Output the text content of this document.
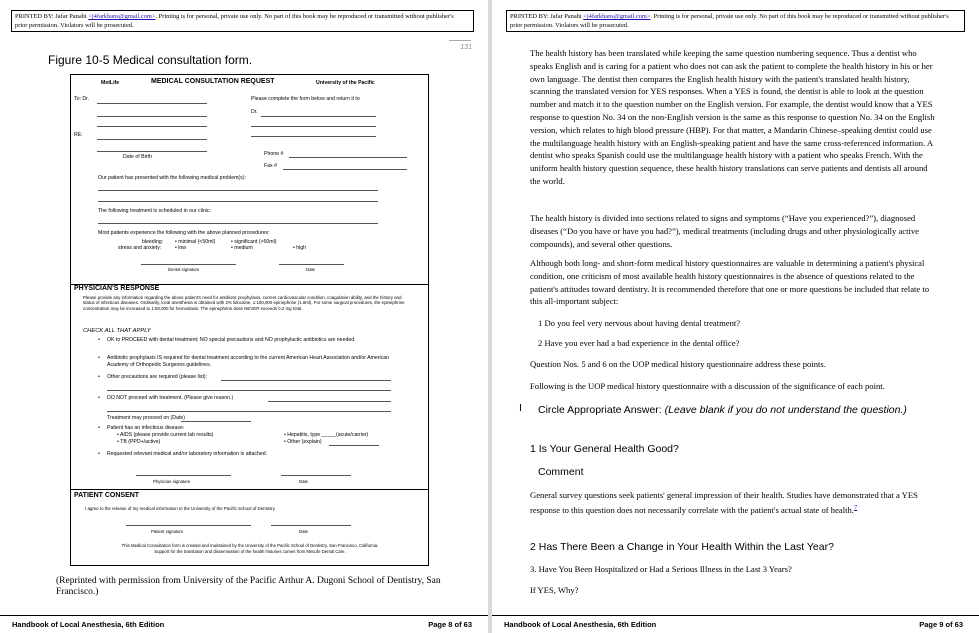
PRINTED BY: Jafar Panahi <j4farkhans@gmail.com>. Printing is for personal, private use only. No part of this book may be reproduced or transmitted without publisher's
prior permission. Violators will be prosecuted.
131
Figure 10-5 Medical consultation form.
MetLife	MEDICAL CONSULTATION REQUEST	University of the Pacific
To: Dr.	Please complete the form below and return it to
Dr.
RE:
Date of Birth	Phone #
Fax #
Our patient has presented with the following medical problem(s):
The following treatment is scheduled in our clinic:
Most patients experience the following with the above planned procedures:
bleeding: • minimal (<50ml)	• significant (>50ml)
stress and anxiety:	• low	• medium	• high
Dental signature	Date
PHYSICIAN'S RESPONSE
Please provide any information regarding the above patient's need for antibiotic prophylaxis, current cardiovascular condition, coagulation ability, and the history and status of infectious diseases. Ordinarily, local anesthesia is obtained with 2% lidocaine, 1:100,000 epinephrine (1.8ml). For some surgical procedures, the epinephrine concentration may be increased to 1:50,000 for hemostasis. The epinephrine dose NEVER exceeds 0.2 mg total.
CHECK ALL THAT APPLY
• OK to PROCEED with dental treatment; NO special precautions and NO prophylactic antibiotics are needed.
• Antibiotic prophylaxis IS required for dental treatment according to the current American Heart Association and/or American Academy of Orthopedic Surgeons guidelines.
• Other precautions are required (please list):
• DO NOT proceed with treatment. (Please give reason.)
Treatment may proceed on (Date)
• Patient has an infectious disease:
• AIDS (please provide current lab results)
• TB (PPD+/active)
• Hepatitis, type _____(acute/carrier)
• Other (explain)
• Requested relevant medical and/or laboratory information is attached.
Physician signature	Date
PATIENT CONSENT
I agree to the release of my medical information to the University of the Pacific School of Dentistry.
Patient signature	Date
This Medical Consultation form is created and maintained by the University of the Pacific School of Dentistry, San Francisco, California.
Support for the translation and dissemination of the health histories comes from MetLife Dental Care.
(Reprinted with permission from University of the Pacific Arthur A. Dugoni School of Dentistry, San Francisco.)
Handbook of Local Anesthesia, 6th Edition	Page 8 of 63
PRINTED BY: Jafar Panahi <j4farkhans@gmail.com>. Printing is for personal, private use only. No part of this book may be reproduced or transmitted without publisher's
prior permission. Violators will be prosecuted.
The health history has been translated while keeping the same question numbering sequence. Thus a dentist who speaks English and is caring for a patient who does not can ask the patient to complete the health history in his or her own language. The dentist then compares the English health history with the patient's translated health history, scanning the translated version for YES responses. When a YES is found, the dentist is able to look at the question number and match it to the question number on the English version. For example, the dentist would know that a YES response to question No. 34 on the non-English version is the same as this response to question No. 34 on the English version, which relates to high blood pressure (HBP). For that matter, a Mandarin Chinese–speaking dentist could use the multilanguage health history with an English-speaking patient and have the same cross-referenced information. A dentist who speaks Spanish could use the multilanguage health history with a patient who speaks French. With the uniform health history question sequence, these health history translations can serve patients and dentists all around the world.
The health history is divided into sections related to signs and symptoms (“Have you experienced?”), diagnosed diseases (“Do you have or have you had?”), medical treatments (including drugs and other physiologically active compounds), and several other questions.
Although both long- and short-form medical history questionnaires are valuable in determining a patient's physical condition, one criticism of most available health history questionnaires is the absence of questions related to the patient's attitudes toward dentistry. It is recommended therefore that one or more questions be included that relate to this all-important subject:
1 Do you feel very nervous about having dental treatment?
2 Have you ever had a bad experience in the dental office?
Question Nos. 5 and 6 on the UOP medical history questionnaire address these points.
Following is the UOP medical history questionnaire with a discussion of the significance of each point.
I Circle Appropriate Answer: (Leave blank if you do not understand the question.)
1 Is Your General Health Good?
Comment
General survey questions seek patients' general impression of their health. Studies have demonstrated that a YES response to this question does not necessarily correlate with the patient's actual state of health.$^7$
2 Has There Been a Change in Your Health Within the Last Year?
3. Have You Been Hospitalized or Had a Serious Illness in the Last 3 Years?
If YES, Why?
Handbook of Local Anesthesia, 6th Edition	Page 9 of 63
